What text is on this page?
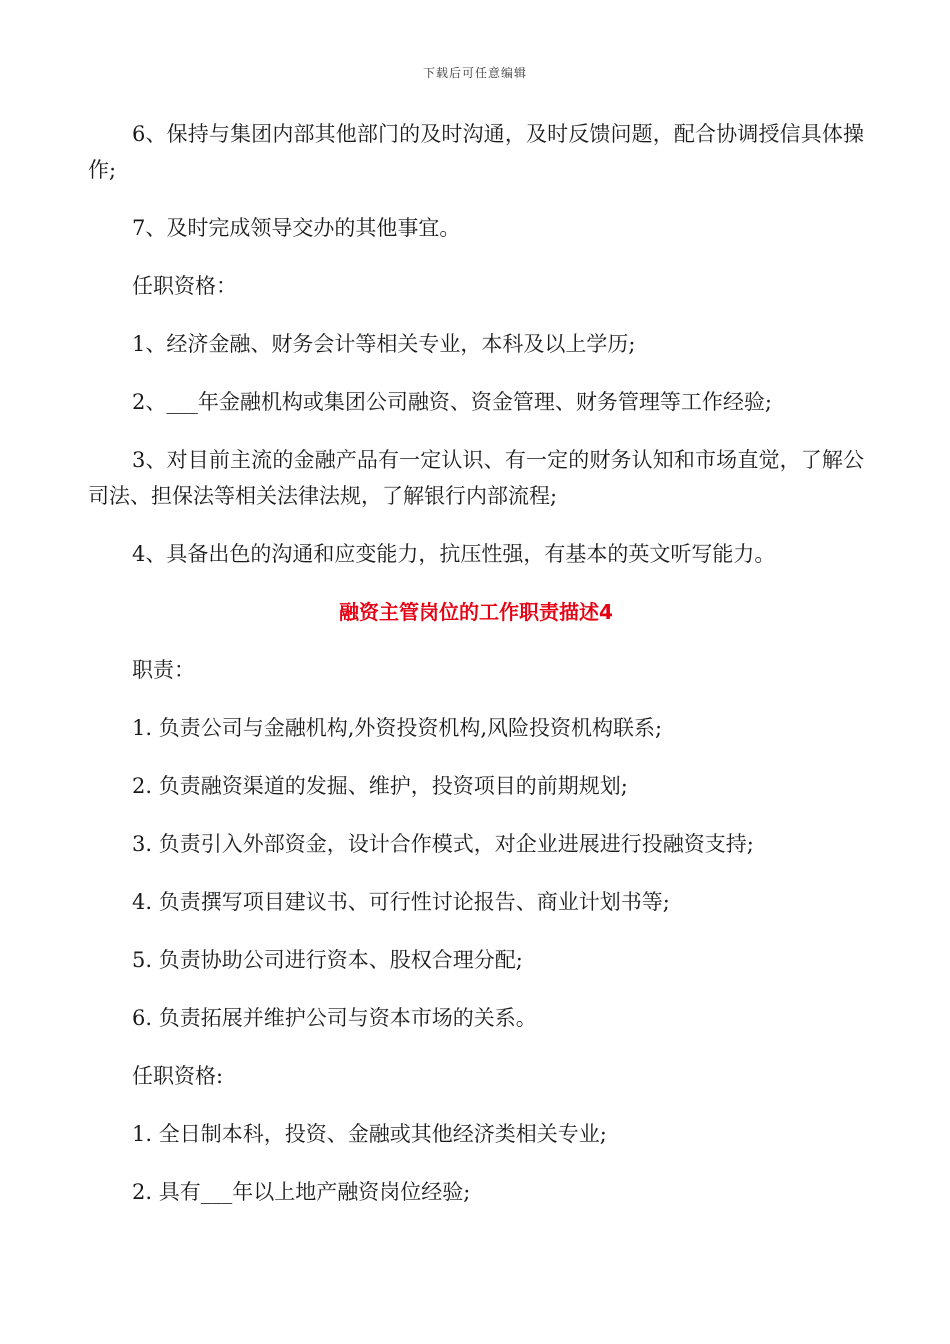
下载后可任意编辑

6、保持与集团内部其他部门的及时沟通，及时反馈问题，配合协调授信具体操作;

7、及时完成领导交办的其他事宜。

任职资格：

1、经济金融、财务会计等相关专业，本科及以上学历;

2、___年金融机构或集团公司融资、资金管理、财务管理等工作经验;

3、对目前主流的金融产品有一定认识、有一定的财务认知和市场直觉，了解公司法、担保法等相关法律法规，了解银行内部流程;

4、具备出色的沟通和应变能力，抗压性强，有基本的英文听写能力。

融资主管岗位的工作职责描述4

职责：

1. 负责公司与金融机构,外资投资机构,风险投资机构联系;

2. 负责融资渠道的发掘、维护，投资项目的前期规划;

3. 负责引入外部资金，设计合作模式，对企业进展进行投融资支持;

4. 负责撰写项目建议书、可行性讨论报告、商业计划书等;

5. 负责协助公司进行资本、股权合理分配;

6. 负责拓展并维护公司与资本市场的关系。

任职资格:

1. 全日制本科，投资、金融或其他经济类相关专业;

2. 具有___年以上地产融资岗位经验;
